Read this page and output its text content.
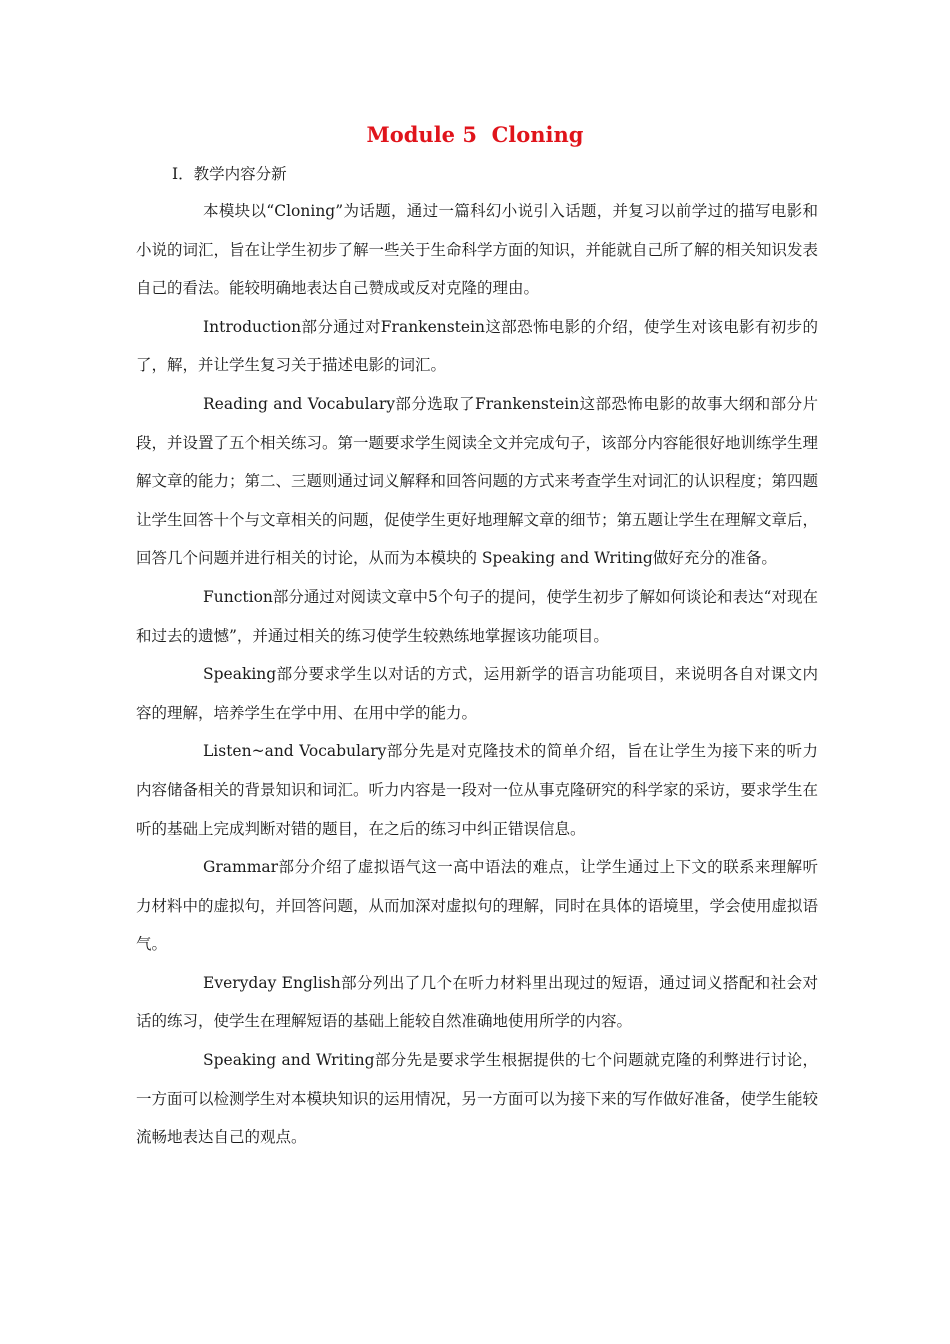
Module 5  Cloning
I．教学内容分新

本模块以“Cloning”为话题，通过一篇科幻小说引入话题，并复习以前学过的描写电影和小说的词汇，旨在让学生初步了解一些关于生命科学方面的知识，并能就自己所了解的相关知识发表自己的看法。能较明确地表达自己赞成或反对克隆的理由。

Introduction部分通过对Frankenstein这部恐怖电影的介绍，使学生对该电影有初步的了，解，并让学生复习关于描述电影的词汇。

Reading and Vocabulary部分选取了Frankenstein这部恐怖电影的故事大纲和部分片段，并设置了五个相关练习。第一题要求学生阅读全文并完成句子，该部分内容能很好地训练学生理解文章的能力；第二、三题则通过词义解释和回答问题的方式来考查学生对词汇的认识程度；第四题让学生回答十个与文章相关的问题，促使学生更好地理解文章的细节；第五题让学生在理解文章后，回答几个问题并进行相关的讨论，从而为本模块的 Speaking and Writing做好充分的准备。

Function部分通过对阅读文章中5个句子的提问，使学生初步了解如何谈论和表达“对现在和过去的遗憾”，并通过相关的练习使学生较熟练地掌握该功能项目。

Speaking部分要求学生以对话的方式，运用新学的语言功能项目，来说明各自对课文内容的理解，培养学生在学中用、在用中学的能力。

Listen~and Vocabulary部分先是对克隆技术的简单介绍，旨在让学生为接下来的听力内容储备相关的背景知识和词汇。听力内容是一段对一位从事克隆研究的科学家的采访，要求学生在听的基础上完成判断对错的题目，在之后的练习中纠正错误信息。

Grammar部分介绍了虚拟语气这一高中语法的难点，让学生通过上下文的联系来理解听力材料中的虚拟句，并回答问题，从而加深对虚拟句的理解，同时在具体的语境里，学会使用虚拟语气。

Everyday English部分列出了几个在听力材料里出现过的短语，通过词义搭配和社会对话的练习，使学生在理解短语的基础上能较自然准确地使用所学的内容。

Speaking and Writing部分先是要求学生根据提供的七个问题就克隆的利弊进行讨论，一方面可以检测学生对本模块知识的运用情况，另一方面可以为接下来的写作做好准备，使学生能较流畅地表达自己的观点。
